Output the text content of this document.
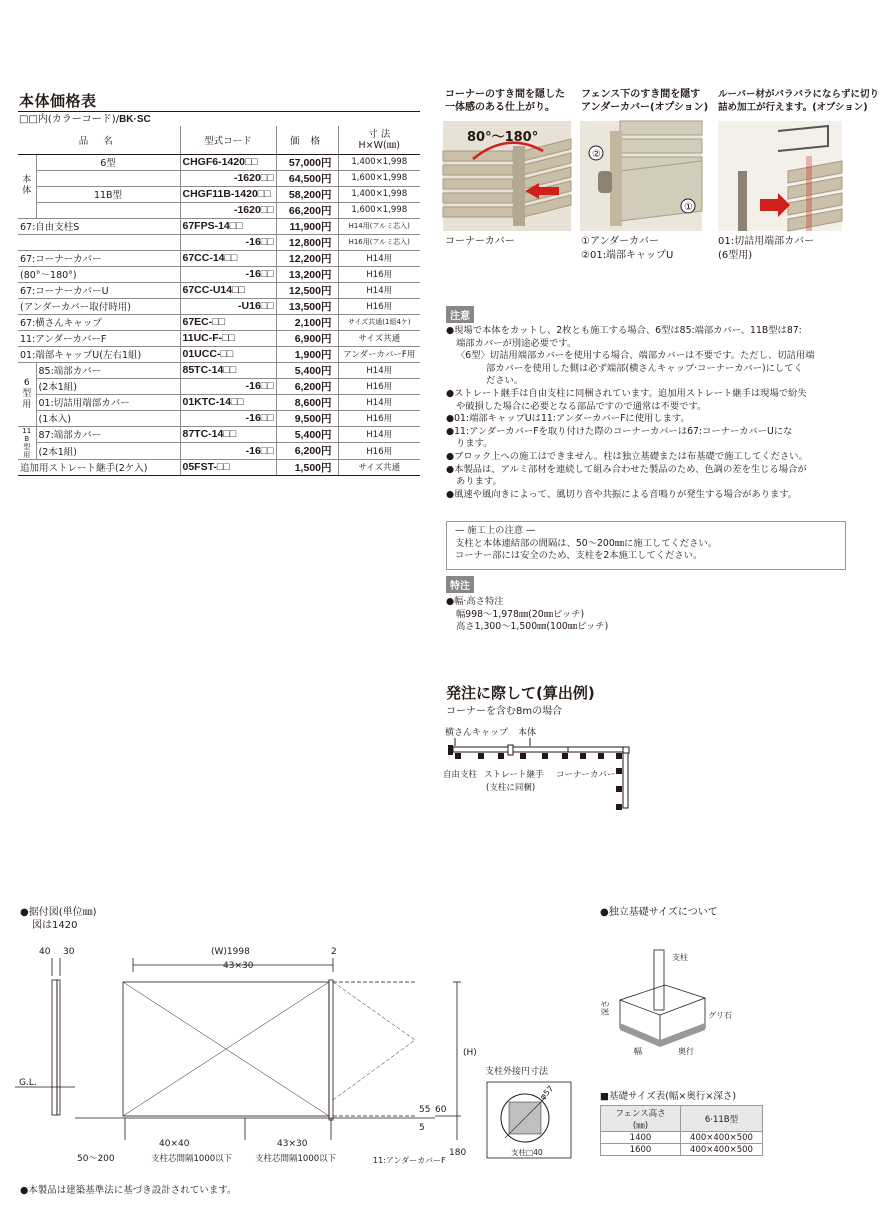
本体価格表
□□内(カラーコード)/BK·SC
品 名		型式コード	価 格	寸 法
H×W(㎜)
本
体	6型	CHGF6-1420□□	57,000円	1,400×1,998
		-1620□□	64,500円	1,600×1,998
	11B型	CHGF11B-1420□□	58,200円	1,400×1,998
		-1620□□	66,200円	1,600×1,998
67:自由支柱S		67FPS-14□□	11,900円	H14用(アルミ芯入)
		-16□□	12,800円	H16用(アルミ芯入)
67:コーナーカバー		67CC-14□□	12,200円	H14用
(80°～180°)		-16□□	13,200円	H16用
67:コーナーカバーU		67CC-U14□□	12,500円	H14用
(アンダーカバー取付時用)		-U16□□	13,500円	H16用
67:横さんキャップ		67EC-□□	2,100円	サイズ共通(1組4ケ)
11:アンダーカバーF		11UC-F-□□	6,900円	サイズ共通
01:端部キャップU(左右1組)		01UCC-□□	1,900円	アンダーカバーF用
6
型
用	85:端部カバー	85TC-14□□	5,400円	H14用
	(2本1組)	-16□□	6,200円	H16用
	01:切詰用端部カバー	01KTC-14□□	8,600円	H14用
	(1本入)	-16□□	9,500円	H16用
11
B
型
用	87:端部カバー	87TC-14□□	5,400円	H14用
	(2本1組)	-16□□	6,200円	H16用
追加用ストレート継手(2ケ入)		05FST-□□	1,500円	サイズ共通
コーナーのすき間を隠した
一体感のある仕上がり。
80°～180°
コーナーカバー
フェンス下のすき間を隠す
アンダーカバー(オプション)
②
①
①アンダーカバー
②01:端部キャップU
ルーバー材がバラバラにならずに切り
詰め加工が行えます。(オプション)
01:切詰用端部カバー
(6型用)
注意

●現場で本体をカットし、2枚とも施工する場合、6型は85:端部カバー、11B型は87:

端部カバーが別途必要です。

〈6型〉切詰用端部カバーを使用する場合、端部カバーは不要です。ただし、切詰用端

部カバーを使用した側は必ず端部(横さんキャップ·コーナーカバー)にしてく

ださい。

●ストレート継手は自由支柱に同梱されています。追加用ストレート継手は現場で紛失

や破損した場合に必要となる部品ですので通常は不要です。

●01:端部キャップUは11:アンダーカバーFに使用します。

●11:アンダーカバーFを取り付けた際のコーナーカバーは67:コーナーカバーUにな

ります。

●ブロック上への施工はできません。柱は独立基礎または布基礎で施工してください。

●本製品は、アルミ部材を連続して組み合わせた製品のため、色調の差を生じる場合が

あります。

●風速や風向きによって、風切り音や共振による音鳴りが発生する場合があります。

— 施工上の注意 —

支柱と本体連結部の間隔は、50～200㎜に施工してください。

コーナー部には安全のため、支柱を2本施工してください。

特注

●幅·高さ特注

幅998～1,978㎜(20㎜ピッチ)

高さ1,300～1,500㎜(100㎜ピッチ)

発注に際して(算出例)
コーナーを含む8mの場合
横さんキャップ 本体
自由支柱 ストレート継手
(支柱に同梱)
コーナーカバー
●据付図(単位㎜)
図は1420
40 30	(W)1998	2
43×30
(H)
G.L.
55 60
5
180
40×40
支柱芯間隔1000以下
43×30
支柱芯間隔1000以下	11:アンダーカバーF
50～200
支柱外接円寸法
φ57
支柱□40
●独立基礎サイズについて
支柱
深さ	グリ石
幅	奥行
■基礎サイズ表(幅×奥行×深さ)
フェンス高さ
(㎜)	6·11B型
1400	400×400×500
1600	400×400×500
●本製品は建築基準法に基づき設計されています。
